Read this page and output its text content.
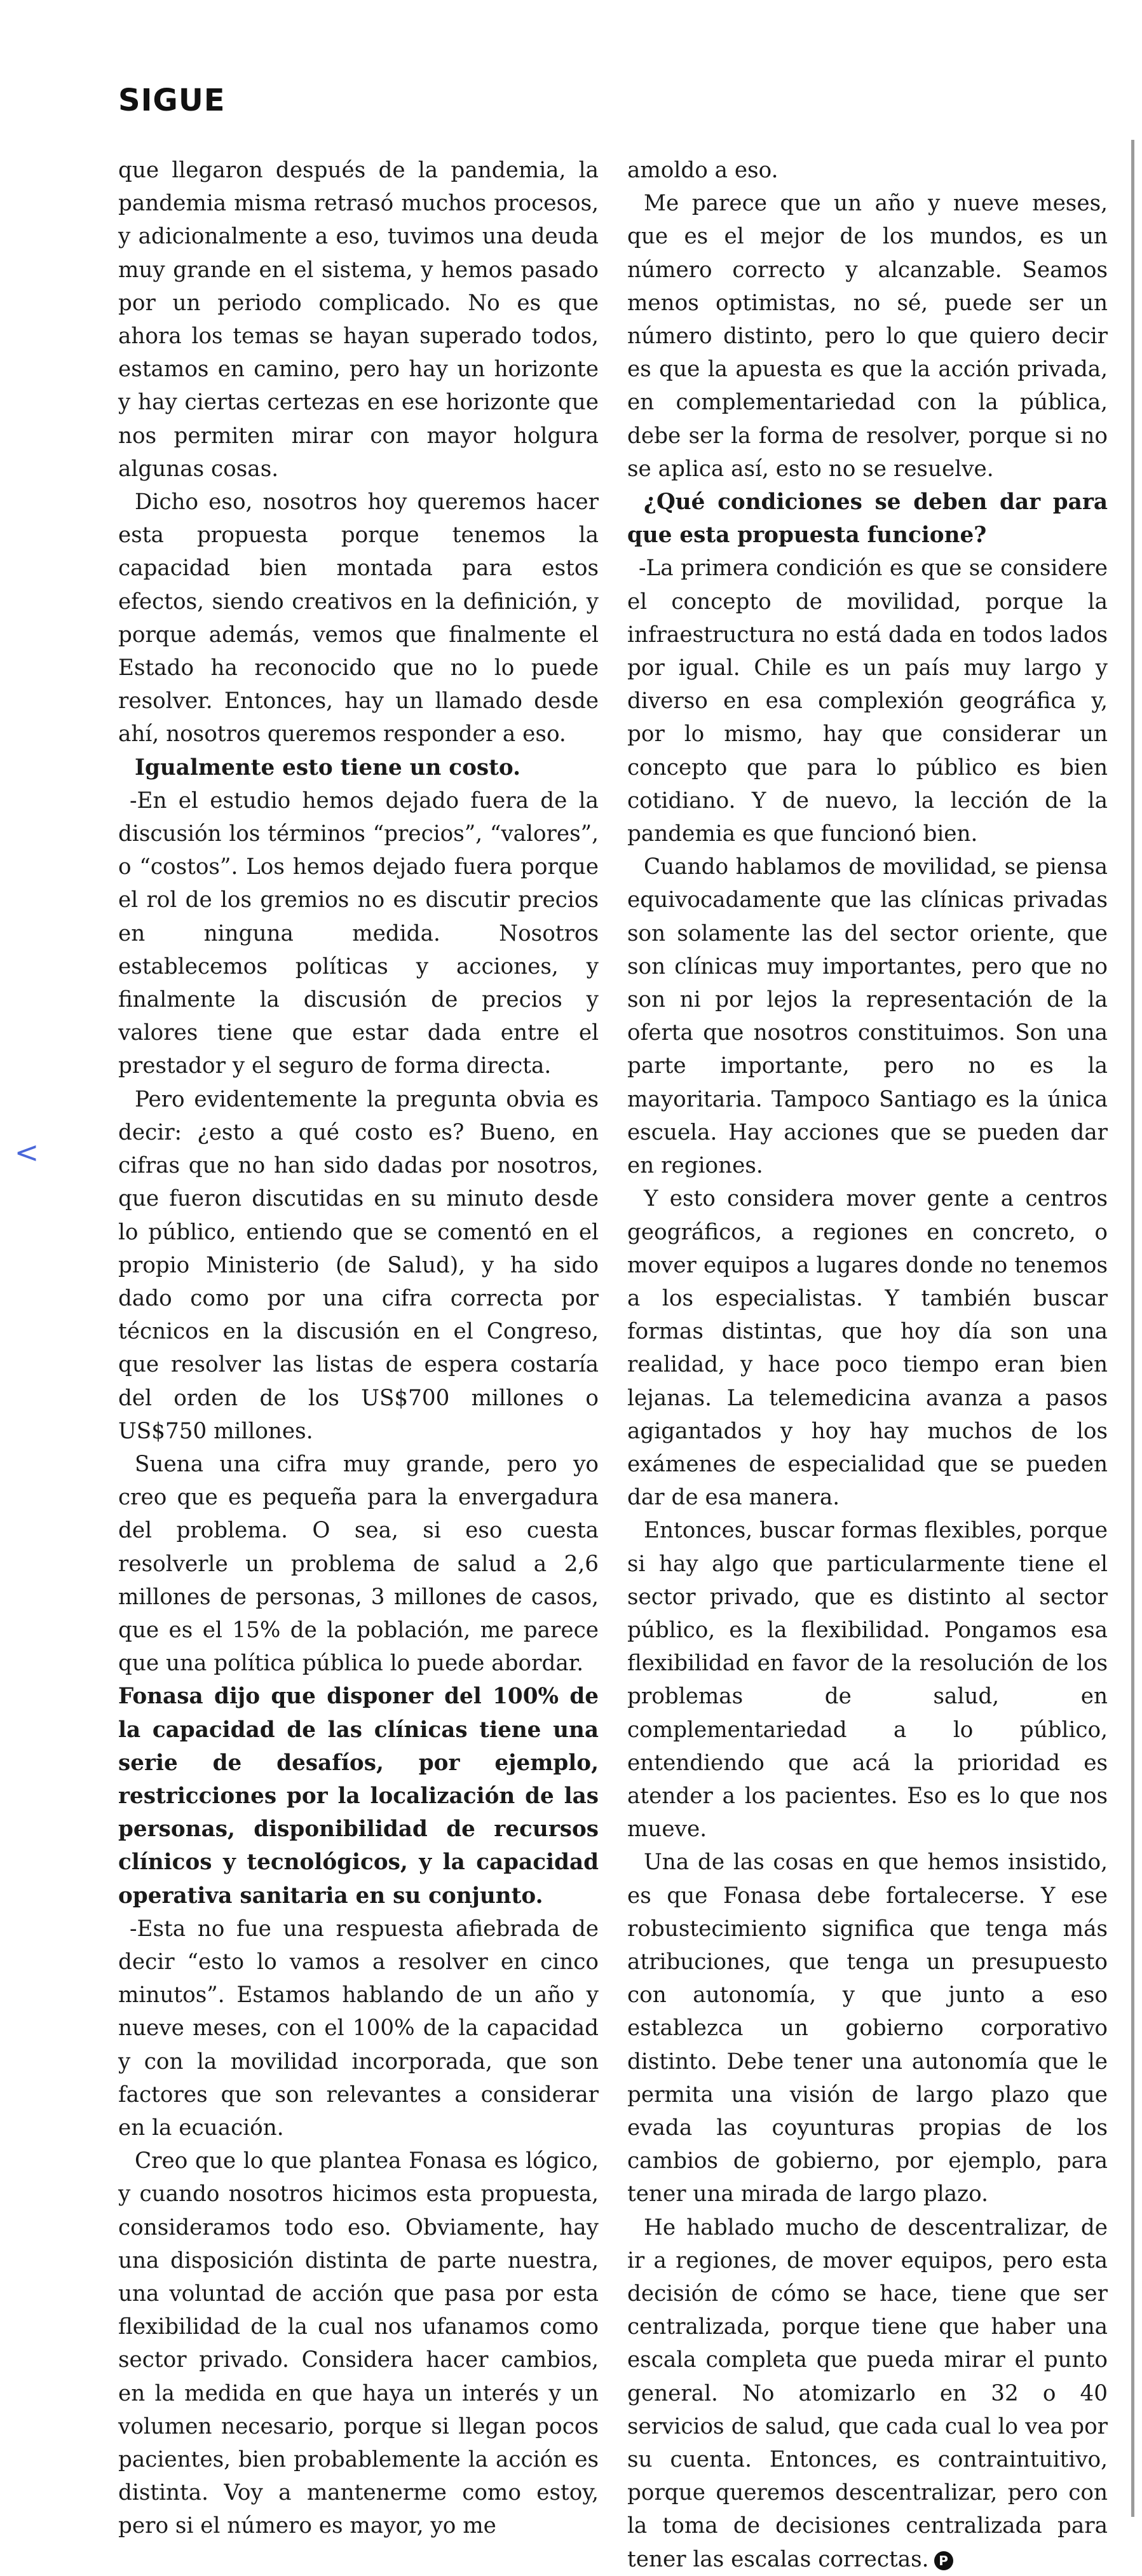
SIGUE
<

que llegaron después de la pandemia, la pandemia misma retrasó muchos procesos, y adicionalmente a eso, tuvimos una deuda muy grande en el sistema, y hemos pasado por un periodo complicado. No es que ahora los temas se hayan superado todos, estamos en camino, pero hay un horizonte y hay ciertas certezas en ese horizonte que nos permiten mirar con mayor holgura algunas cosas.

Dicho eso, nosotros hoy queremos hacer esta propuesta porque tenemos la capacidad bien montada para estos efectos, siendo creativos en la definición, y porque además, vemos que finalmente el Estado ha reconocido que no lo puede resolver. Entonces, hay un llamado desde ahí, nosotros queremos responder a eso.

Igualmente esto tiene un costo.

-En el estudio hemos dejado fuera de la discusión los términos “precios”, “valores”, o “costos”. Los hemos dejado fuera porque el rol de los gremios no es discutir precios en ninguna medida. Nosotros establecemos políticas y acciones, y finalmente la discusión de precios y valores tiene que estar dada entre el prestador y el seguro de forma directa.

Pero evidentemente la pregunta obvia es decir: ¿esto a qué costo es? Bueno, en cifras que no han sido dadas por nosotros, que fueron discutidas en su minuto desde lo público, entiendo que se comentó en el propio Ministerio (de Salud), y ha sido dado como por una cifra correcta por técnicos en la discusión en el Congreso, que resolver las listas de espera costaría del orden de los US$700 millones o US$750 millones.

Suena una cifra muy grande, pero yo creo que es pequeña para la envergadura del problema. O sea, si eso cuesta resolverle un problema de salud a 2,6 millones de personas, 3 millones de casos, que es el 15% de la población, me parece que una política pública lo puede abordar.

Fonasa dijo que disponer del 100% de la capacidad de las clínicas tiene una serie de desafíos, por ejemplo, restricciones por la localización de las personas, disponibilidad de recursos clínicos y tecnológicos, y la capacidad operativa sanitaria en su conjunto.

-Esta no fue una respuesta afiebrada de decir “esto lo vamos a resolver en cinco minutos”. Estamos hablando de un año y nueve meses, con el 100% de la capacidad y con la movilidad incorporada, que son factores que son relevantes a considerar en la ecuación.

Creo que lo que plantea Fonasa es lógico, y cuando nosotros hicimos esta propuesta, consideramos todo eso. Obviamente, hay una disposición distinta de parte nuestra, una voluntad de acción que pasa por esta flexibilidad de la cual nos ufanamos como sector privado. Considera hacer cambios, en la medida en que haya un interés y un volumen necesario, porque si llegan pocos pacientes, bien probablemente la acción es distinta. Voy a mantenerme como estoy, pero si el número es mayor, yo me

amoldo a eso.

Me parece que un año y nueve meses, que es el mejor de los mundos, es un número correcto y alcanzable. Seamos menos optimistas, no sé, puede ser un número distinto, pero lo que quiero decir es que la apuesta es que la acción privada, en complementariedad con la pública, debe ser la forma de resolver, porque si no se aplica así, esto no se resuelve.

¿Qué condiciones se deben dar para que esta propuesta funcione?

-La primera condición es que se considere el concepto de movilidad, porque la infraestructura no está dada en todos lados por igual. Chile es un país muy largo y diverso en esa complexión geográfica y, por lo mismo, hay que considerar un concepto que para lo público es bien cotidiano. Y de nuevo, la lección de la pandemia es que funcionó bien.

Cuando hablamos de movilidad, se piensa equivocadamente que las clínicas privadas son solamente las del sector oriente, que son clínicas muy importantes, pero que no son ni por lejos la representación de la oferta que nosotros constituimos. Son una parte importante, pero no es la mayoritaria. Tampoco Santiago es la única escuela. Hay acciones que se pueden dar en regiones.

Y esto considera mover gente a centros geográficos, a regiones en concreto, o mover equipos a lugares donde no tenemos a los especialistas. Y también buscar formas distintas, que hoy día son una realidad, y hace poco tiempo eran bien lejanas. La telemedicina avanza a pasos agigantados y hoy hay muchos de los exámenes de especialidad que se pueden dar de esa manera.

Entonces, buscar formas flexibles, porque si hay algo que particularmente tiene el sector privado, que es distinto al sector público, es la flexibilidad. Pongamos esa flexibilidad en favor de la resolución de los problemas de salud, en complementariedad a lo público, entendiendo que acá la prioridad es atender a los pacientes. Eso es lo que nos mueve.

Una de las cosas en que hemos insistido, es que Fonasa debe fortalecerse. Y ese robustecimiento significa que tenga más atribuciones, que tenga un presupuesto con autonomía, y que junto a eso establezca un gobierno corporativo distinto. Debe tener una autonomía que le permita una visión de largo plazo que evada las coyunturas propias de los cambios de gobierno, por ejemplo, para tener una mirada de largo plazo.

He hablado mucho de descentralizar, de ir a regiones, de mover equipos, pero esta decisión de cómo se hace, tiene que ser centralizada, porque tiene que haber una escala completa que pueda mirar el punto general. No atomizarlo en 32 o 40 servicios de salud, que cada cual lo vea por su cuenta. Entonces, es contraintuitivo, porque queremos descentralizar, pero con la toma de decisiones centralizada para tener las escalas correctas. P
